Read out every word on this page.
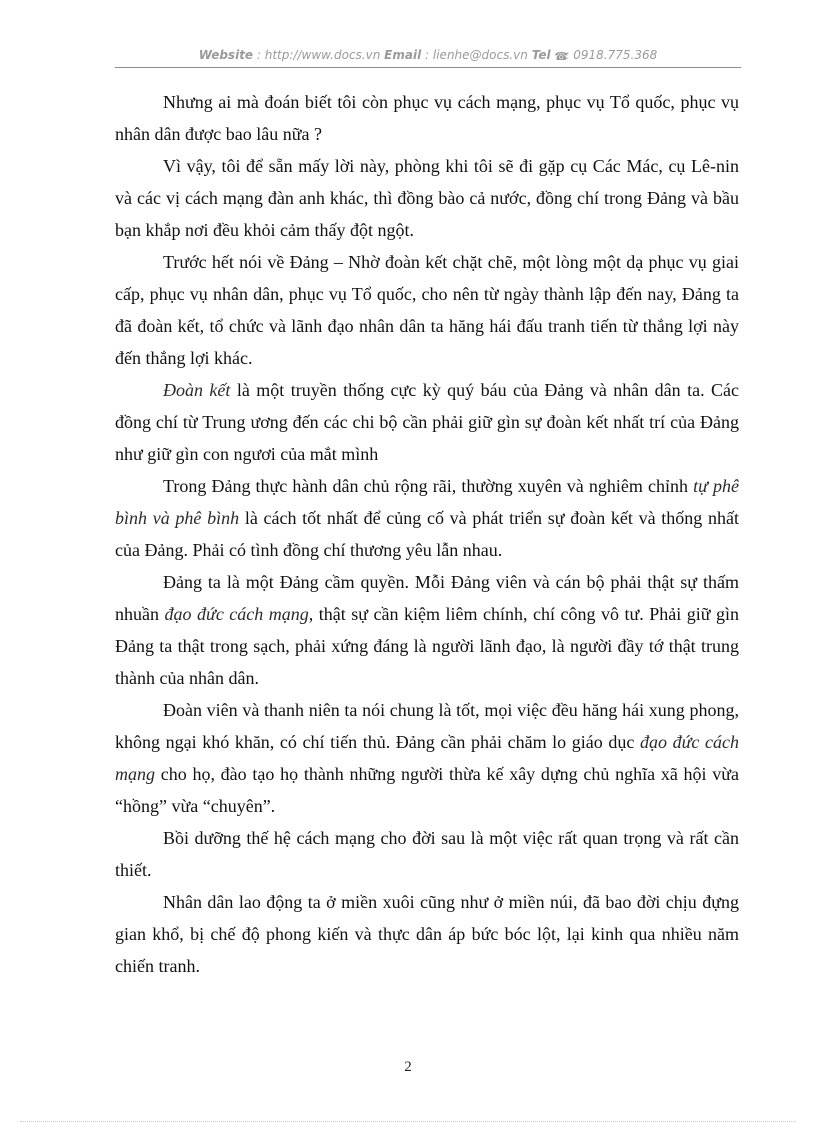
Website : http://www.docs.vn Email : lienhe@docs.vn Tel ☎: 0918.775.368

Nhưng ai mà đoán biết tôi còn phục vụ cách mạng, phục vụ Tổ quốc, phục vụ nhân dân được bao lâu nữa ?

Vì vậy, tôi để sẵn mấy lời này, phòng khi tôi sẽ đi gặp cụ Các Mác, cụ Lê-nin và các vị cách mạng đàn anh khác, thì đồng bào cả nước, đồng chí trong Đảng và bầu bạn khắp nơi đều khỏi cảm thấy đột ngột.

Trước hết nói về Đảng – Nhờ đoàn kết chặt chẽ, một lòng một dạ phục vụ giai cấp, phục vụ nhân dân, phục vụ Tổ quốc, cho nên từ ngày thành lập đến nay, Đảng ta đã đoàn kết, tổ chức và lãnh đạo nhân dân ta hăng hái đấu tranh tiến từ thắng lợi này đến thắng lợi khác.

Đoàn kết là một truyền thống cực kỳ quý báu của Đảng và nhân dân ta. Các đồng chí từ Trung ương đến các chi bộ cần phải giữ gìn sự đoàn kết nhất trí của Đảng như giữ gìn con ngươi của mắt mình

Trong Đảng thực hành dân chủ rộng rãi, thường xuyên và nghiêm chỉnh tự phê bình và phê bình là cách tốt nhất để củng cố và phát triển sự đoàn kết và thống nhất của Đảng. Phải có tình đồng chí thương yêu lẫn nhau.

Đảng ta là một Đảng cầm quyền. Mỗi Đảng viên và cán bộ phải thật sự thấm nhuần đạo đức cách mạng, thật sự cần kiệm liêm chính, chí công vô tư. Phải giữ gìn Đảng ta thật trong sạch, phải xứng đáng là người lãnh đạo, là người đầy tớ thật trung thành của nhân dân.

Đoàn viên và thanh niên ta nói chung là tốt, mọi việc đều hăng hái xung phong, không ngại khó khăn, có chí tiến thủ. Đảng cần phải chăm lo giáo dục đạo đức cách mạng cho họ, đào tạo họ thành những người thừa kế xây dựng chủ nghĩa xã hội vừa “hồng” vừa “chuyên”.

Bồi dưỡng thế hệ cách mạng cho đời sau là một việc rất quan trọng và rất cần thiết.

Nhân dân lao động ta ở miền xuôi cũng như ở miền núi, đã bao đời chịu đựng gian khổ, bị chế độ phong kiến và thực dân áp bức bóc lột, lại kinh qua nhiều năm chiến tranh.

2
